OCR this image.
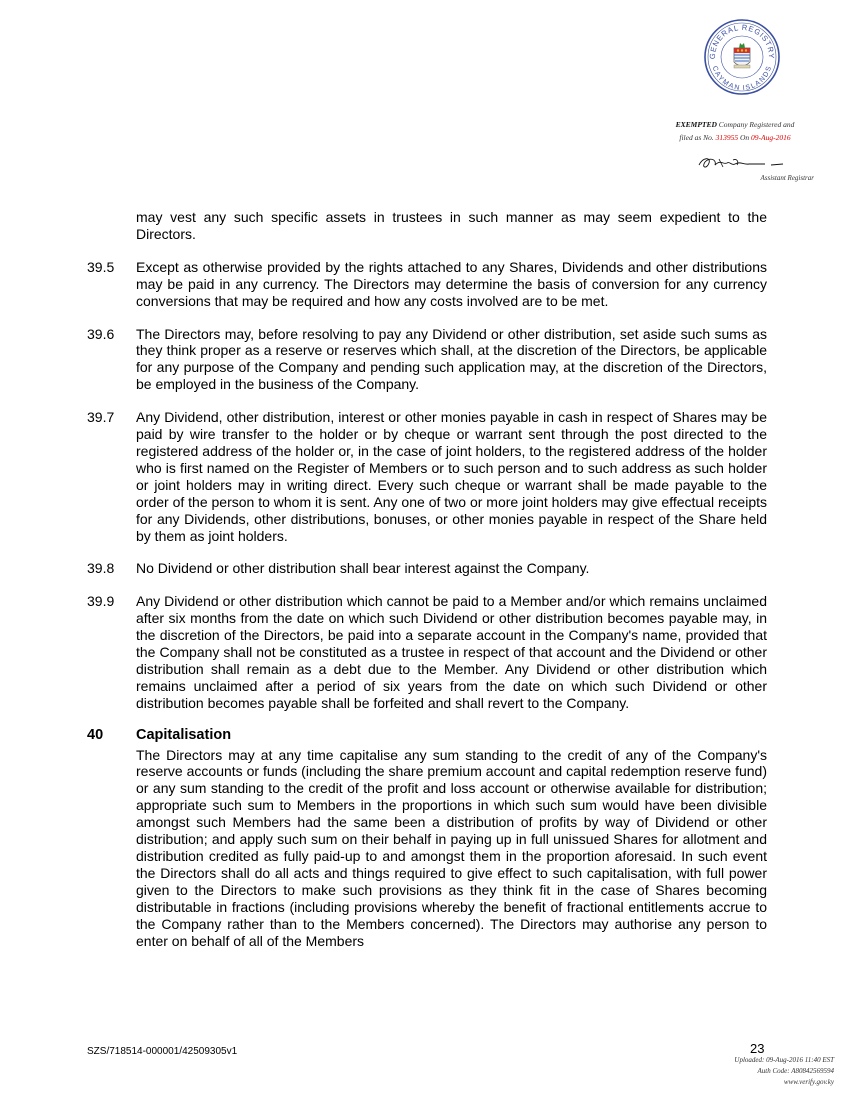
GENERAL REGISTRY
CAYMAN ISLANDS
EXEMPTED Company Registered and
filed as No. 313955 On 09-Aug-2016
Assistant Registrar
may vest any such specific assets in trustees in such manner as may seem expedient to the Directors.
39.5	Except as otherwise provided by the rights attached to any Shares, Dividends and other distributions may be paid in any currency. The Directors may determine the basis of conversion for any currency conversions that may be required and how any costs involved are to be met.
39.6	The Directors may, before resolving to pay any Dividend or other distribution, set aside such sums as they think proper as a reserve or reserves which shall, at the discretion of the Directors, be applicable for any purpose of the Company and pending such application may, at the discretion of the Directors, be employed in the business of the Company.
39.7	Any Dividend, other distribution, interest or other monies payable in cash in respect of Shares may be paid by wire transfer to the holder or by cheque or warrant sent through the post directed to the registered address of the holder or, in the case of joint holders, to the registered address of the holder who is first named on the Register of Members or to such person and to such address as such holder or joint holders may in writing direct. Every such cheque or warrant shall be made payable to the order of the person to whom it is sent. Any one of two or more joint holders may give effectual receipts for any Dividends, other distributions, bonuses, or other monies payable in respect of the Share held by them as joint holders.
39.8	No Dividend or other distribution shall bear interest against the Company.
39.9	Any Dividend or other distribution which cannot be paid to a Member and/or which remains unclaimed after six months from the date on which such Dividend or other distribution becomes payable may, in the discretion of the Directors, be paid into a separate account in the Company's name, provided that the Company shall not be constituted as a trustee in respect of that account and the Dividend or other distribution shall remain as a debt due to the Member. Any Dividend or other distribution which remains unclaimed after a period of six years from the date on which such Dividend or other distribution becomes payable shall be forfeited and shall revert to the Company.
40	Capitalisation
The Directors may at any time capitalise any sum standing to the credit of any of the Company's reserve accounts or funds (including the share premium account and capital redemption reserve fund) or any sum standing to the credit of the profit and loss account or otherwise available for distribution; appropriate such sum to Members in the proportions in which such sum would have been divisible amongst such Members had the same been a distribution of profits by way of Dividend or other distribution; and apply such sum on their behalf in paying up in full unissued Shares for allotment and distribution credited as fully paid-up to and amongst them in the proportion aforesaid. In such event the Directors shall do all acts and things required to give effect to such capitalisation, with full power given to the Directors to make such provisions as they think fit in the case of Shares becoming distributable in fractions (including provisions whereby the benefit of fractional entitlements accrue to the Company rather than to the Members concerned). The Directors may authorise any person to enter on behalf of all of the Members
SZS/718514-000001/42509305v1	23
Uploaded: 09-Aug-2016 11:40 EST
Auth Code: A80842569594
www.verify.gov.ky
